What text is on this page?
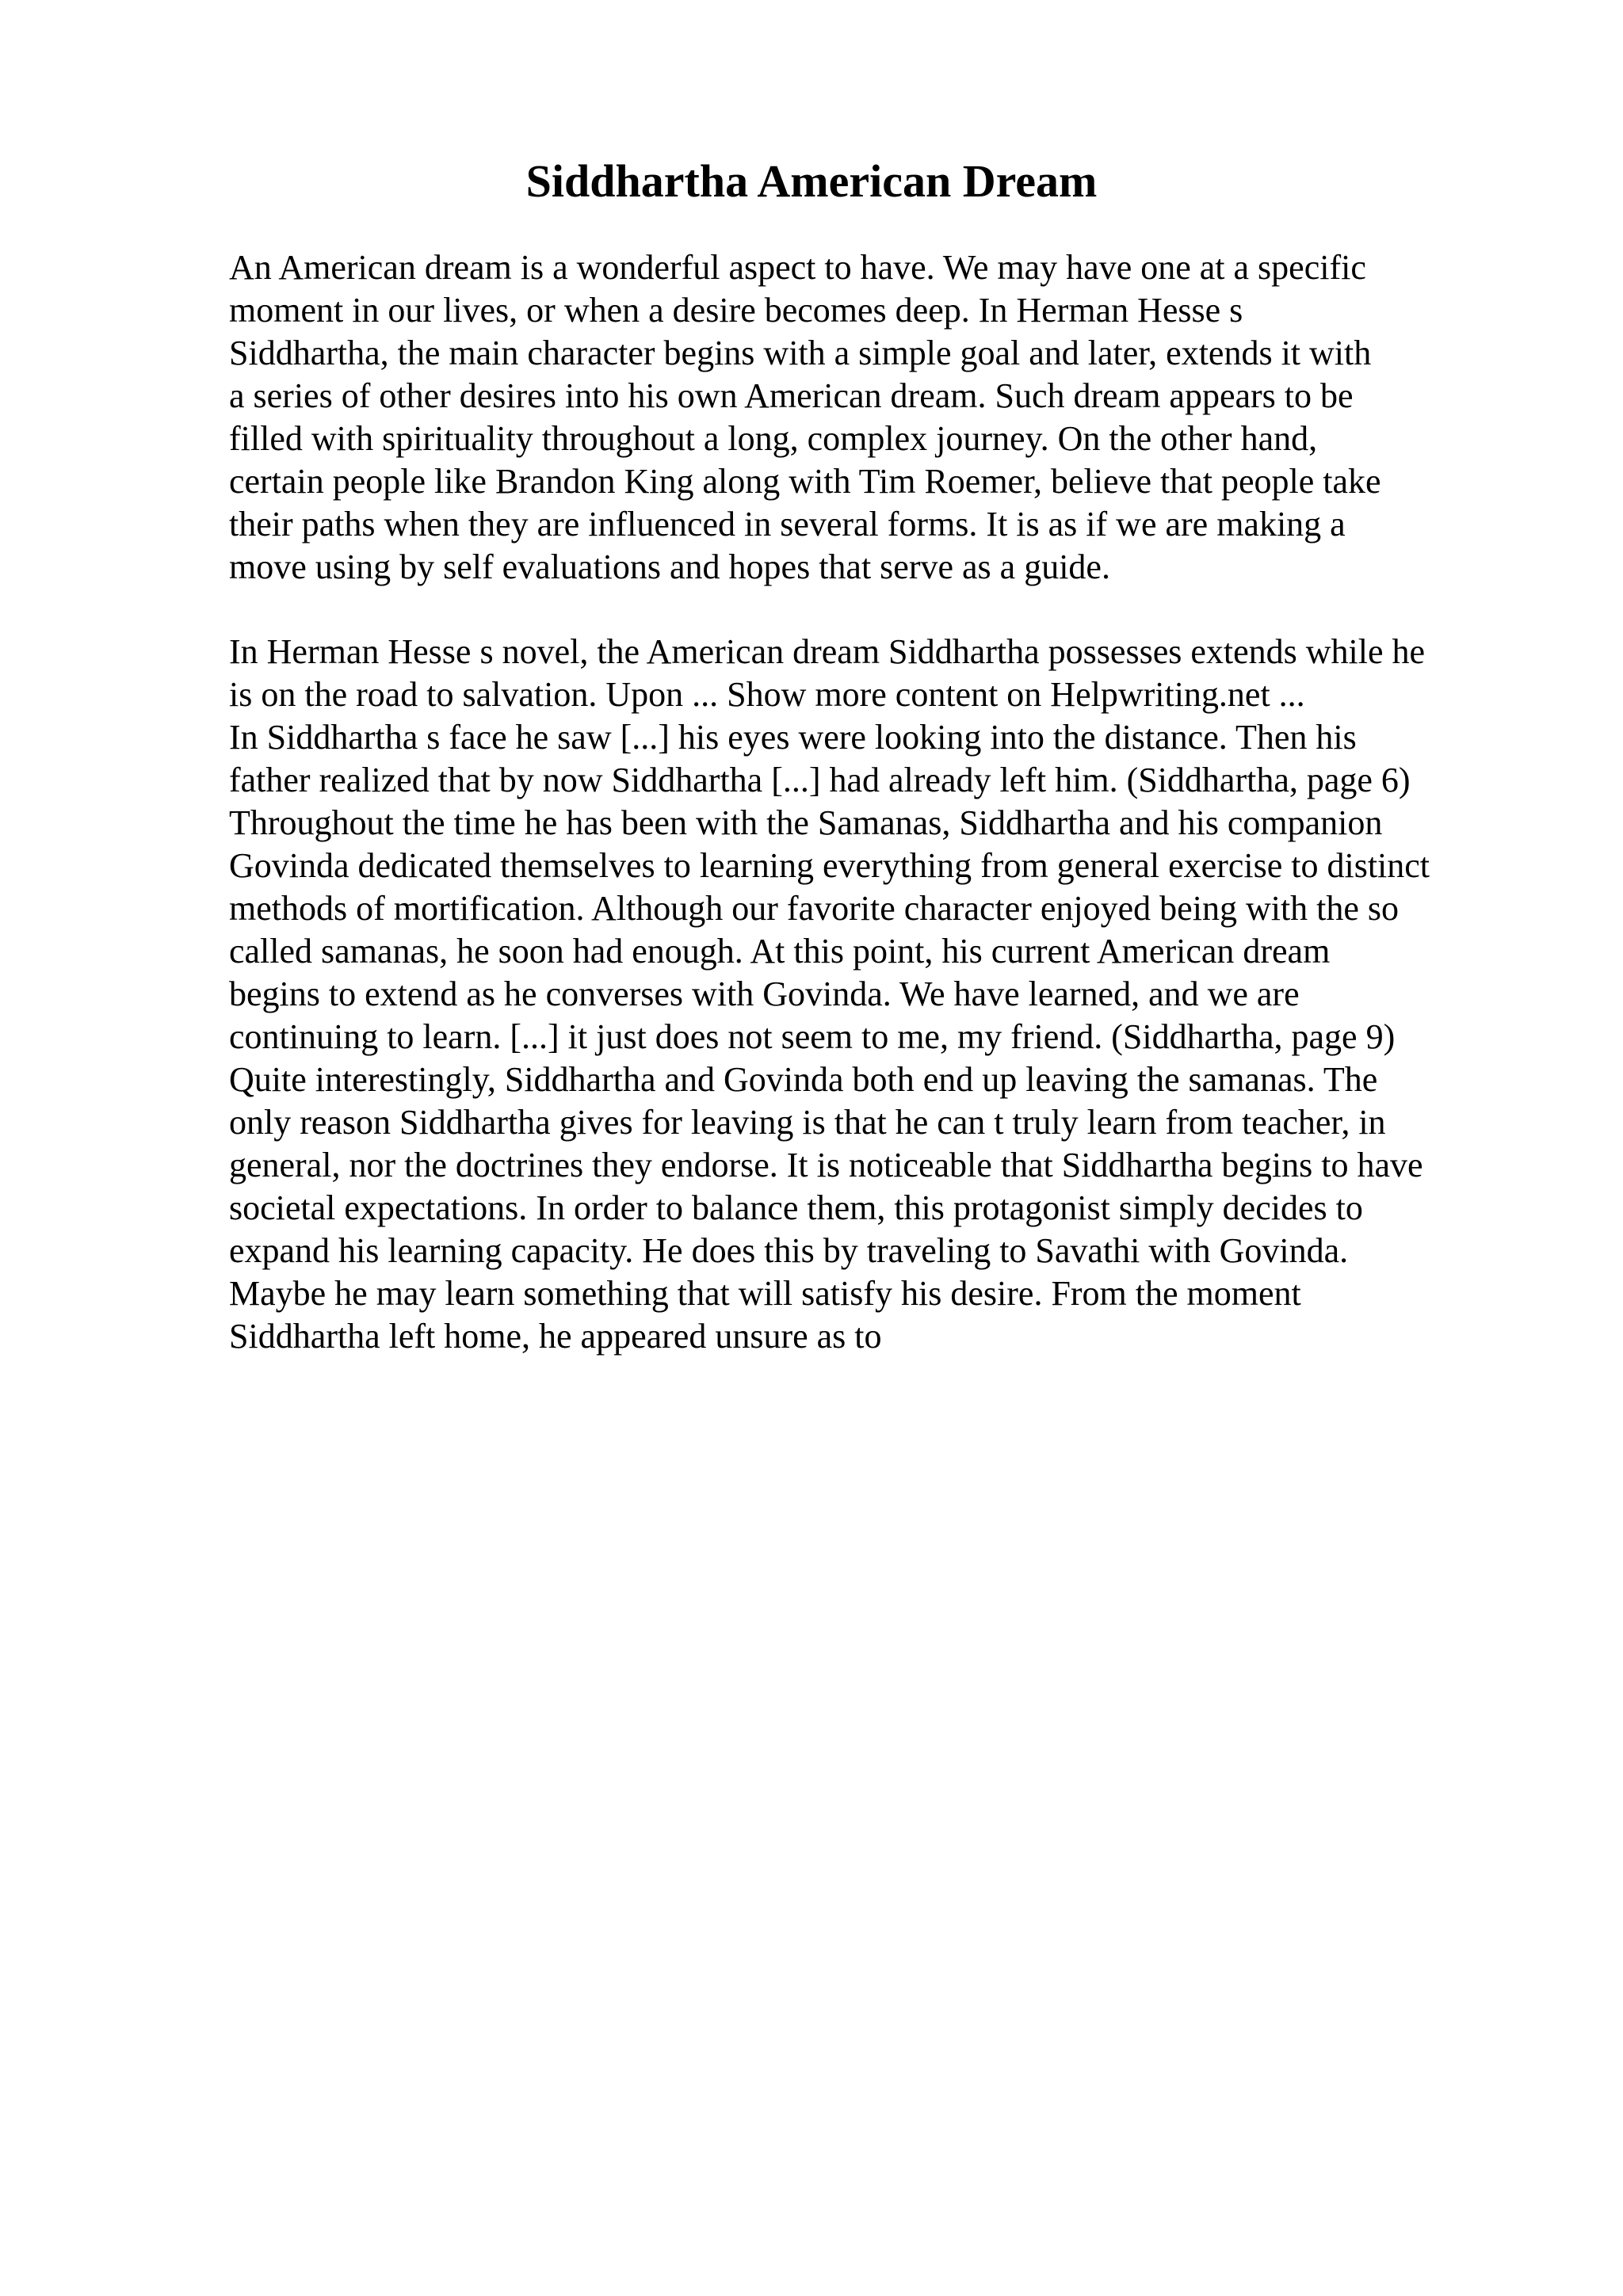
Siddhartha American Dream

An American dream is a wonderful aspect to have. We may have one at a specific
moment in our lives, or when a desire becomes deep. In Herman Hesse s
Siddhartha, the main character begins with a simple goal and later, extends it with
a series of other desires into his own American dream. Such dream appears to be
filled with spirituality throughout a long, complex journey. On the other hand,
certain people like Brandon King along with Tim Roemer, believe that people take
their paths when they are influenced in several forms. It is as if we are making a
move using by self evaluations and hopes that serve as a guide.

In Herman Hesse s novel, the American dream Siddhartha possesses extends while he
is on the road to salvation. Upon ... Show more content on Helpwriting.net ...
In Siddhartha s face he saw [...] his eyes were looking into the distance. Then his
father realized that by now Siddhartha [...] had already left him. (Siddhartha, page 6)
Throughout the time he has been with the Samanas, Siddhartha and his companion
Govinda dedicated themselves to learning everything from general exercise to distinct
methods of mortification. Although our favorite character enjoyed being with the so
called samanas, he soon had enough. At this point, his current American dream
begins to extend as he converses with Govinda. We have learned, and we are
continuing to learn. [...] it just does not seem to me, my friend. (Siddhartha, page 9)
Quite interestingly, Siddhartha and Govinda both end up leaving the samanas. The
only reason Siddhartha gives for leaving is that he can t truly learn from teacher, in
general, nor the doctrines they endorse. It is noticeable that Siddhartha begins to have
societal expectations. In order to balance them, this protagonist simply decides to
expand his learning capacity. He does this by traveling to Savathi with Govinda.
Maybe he may learn something that will satisfy his desire. From the moment
Siddhartha left home, he appeared unsure as to
